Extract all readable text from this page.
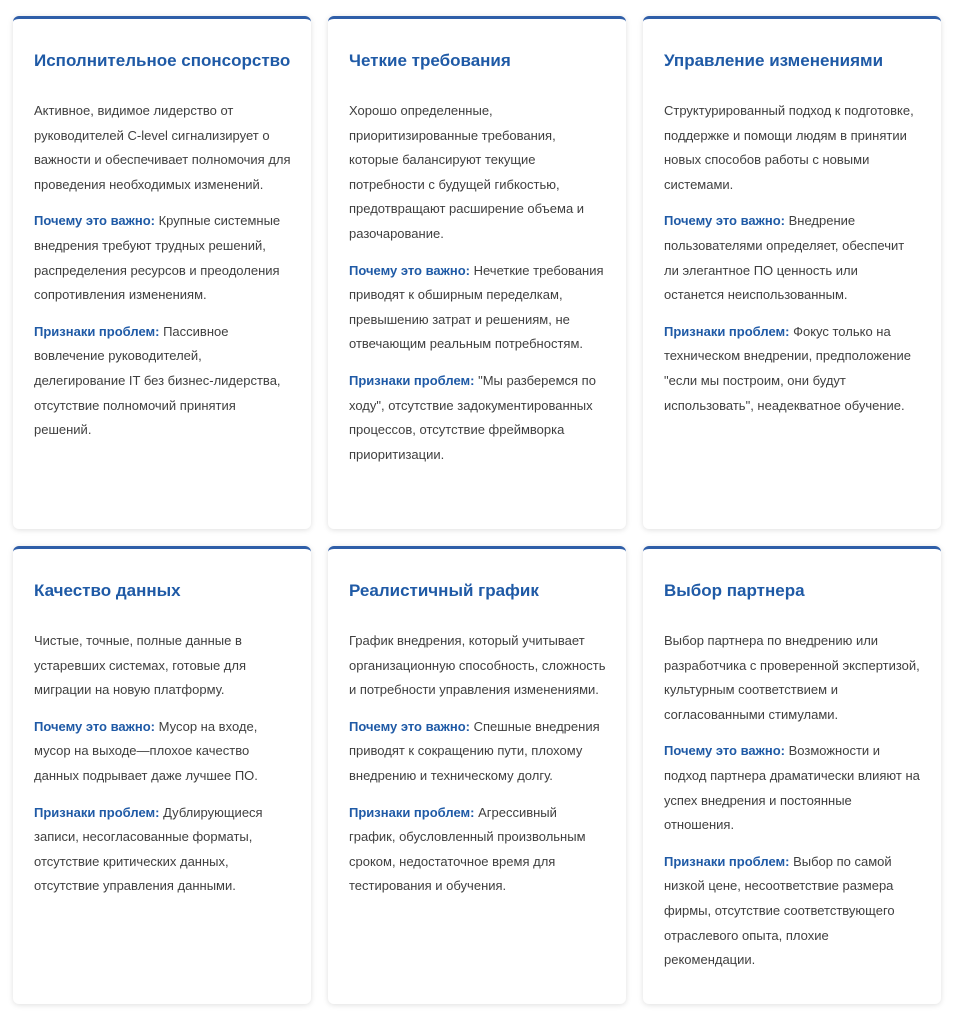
Исполнительное спонсорство

Активное, видимое лидерство от руководителей C-level сигнализирует о важности и обеспечивает полномочия для проведения необходимых изменений.

Почему это важно: Крупные системные внедрения требуют трудных решений, распределения ресурсов и преодоления сопротивления изменениям.

Признаки проблем: Пассивное вовлечение руководителей, делегирование IT без бизнес-лидерства, отсутствие полномочий принятия решений.

Четкие требования

Хорошо определенные, приоритизированные требования, которые балансируют текущие потребности с будущей гибкостью, предотвращают расширение объема и разочарование.

Почему это важно: Нечеткие требования приводят к обширным переделкам, превышению затрат и решениям, не отвечающим реальным потребностям.

Признаки проблем: "Мы разберемся по ходу", отсутствие задокументированных процессов, отсутствие фреймворка приоритизации.

Управление изменениями

Структурированный подход к подготовке, поддержке и помощи людям в принятии новых способов работы с новыми системами.

Почему это важно: Внедрение пользователями определяет, обеспечит ли элегантное ПО ценность или останется неиспользованным.

Признаки проблем: Фокус только на техническом внедрении, предположение "если мы построим, они будут использовать", неадекватное обучение.

Качество данных

Чистые, точные, полные данные в устаревших системах, готовые для миграции на новую платформу.

Почему это важно: Мусор на входе, мусор на выходе—плохое качество данных подрывает даже лучшее ПО.

Признаки проблем: Дублирующиеся записи, несогласованные форматы, отсутствие критических данных, отсутствие управления данными.

Реалистичный график

График внедрения, который учитывает организационную способность, сложность и потребности управления изменениями.

Почему это важно: Спешные внедрения приводят к сокращению пути, плохому внедрению и техническому долгу.

Признаки проблем: Агрессивный график, обусловленный произвольным сроком, недостаточное время для тестирования и обучения.

Выбор партнера

Выбор партнера по внедрению или разработчика с проверенной экспертизой, культурным соответствием и согласованными стимулами.

Почему это важно: Возможности и подход партнера драматически влияют на успех внедрения и постоянные отношения.

Признаки проблем: Выбор по самой низкой цене, несоответствие размера фирмы, отсутствие соответствующего отраслевого опыта, плохие рекомендации.
